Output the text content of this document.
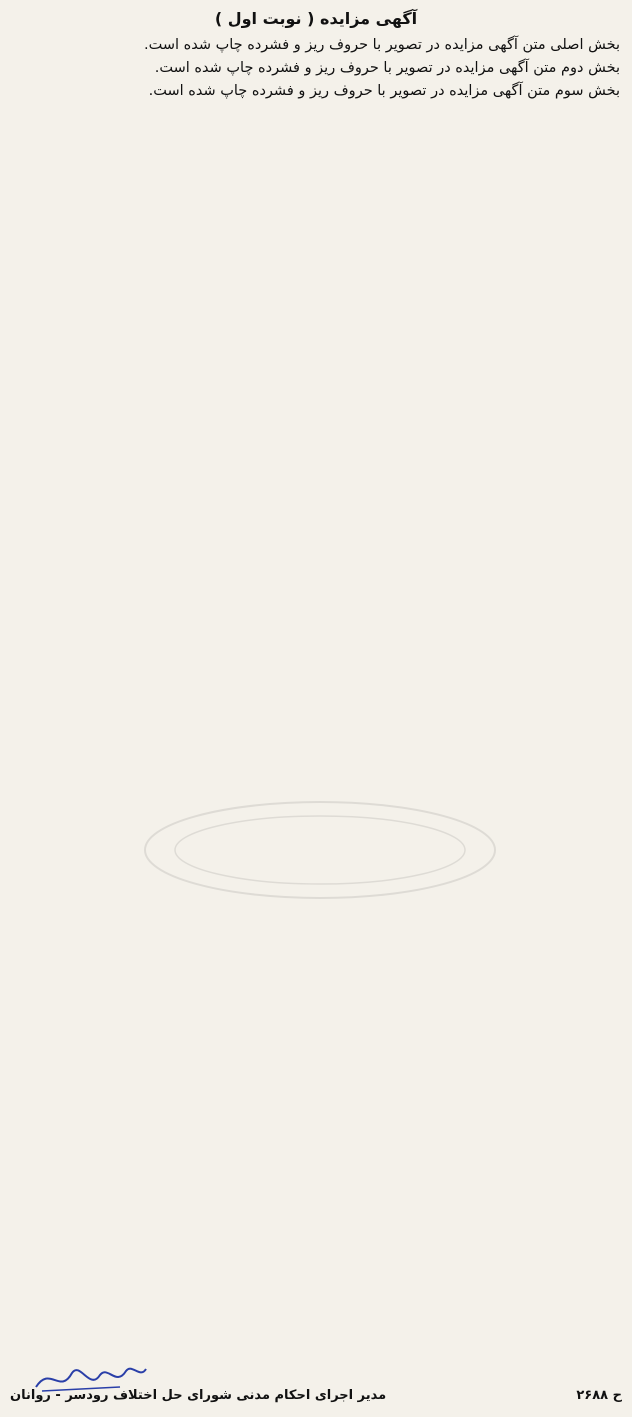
آگهی مزایده ( نوبت اول )

بخش اصلی متن آگهی مزایده در تصویر با حروف ریز و فشرده چاپ شده است.

بخش دوم متن آگهی مزایده در تصویر با حروف ریز و فشرده چاپ شده است.

بخش سوم متن آگهی مزایده در تصویر با حروف ریز و فشرده چاپ شده است.

ح ۲۶۸۸
مدیر اجرای احکام مدنی شورای حل اختلاف رودسر - روانان
